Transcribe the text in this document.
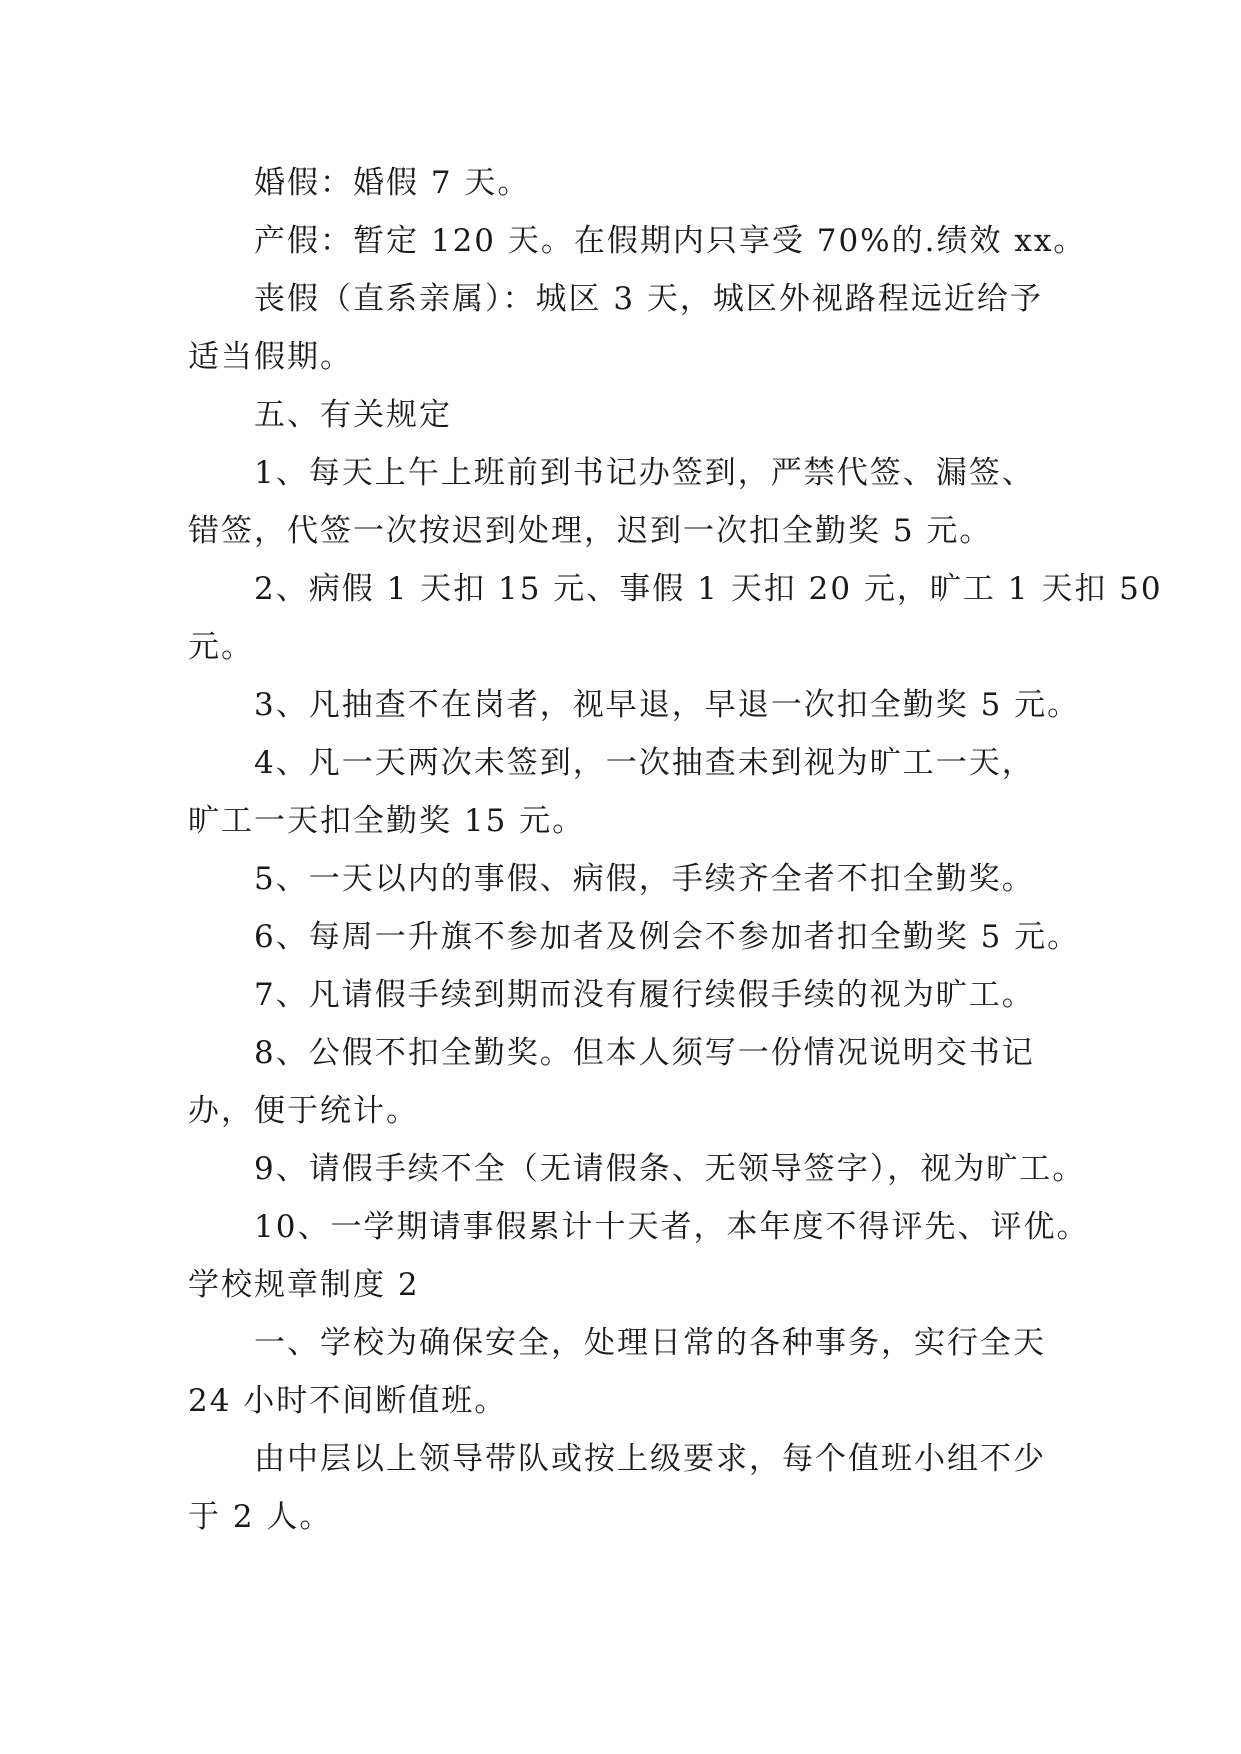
婚假：婚假 7 天。
产假：暂定 120 天。在假期内只享受 70%的.绩效 xx。
丧假（直系亲属）：城区 3 天，城区外视路程远近给予
适当假期。
五、有关规定
1、每天上午上班前到书记办签到，严禁代签、漏签、
错签，代签一次按迟到处理，迟到一次扣全勤奖 5 元。
2、病假 1 天扣 15 元、事假 1 天扣 20 元，旷工 1 天扣 50
元。
3、凡抽查不在岗者，视早退，早退一次扣全勤奖 5 元。
4、凡一天两次未签到，一次抽查未到视为旷工一天，
旷工一天扣全勤奖 15 元。
5、一天以内的事假、病假，手续齐全者不扣全勤奖。
6、每周一升旗不参加者及例会不参加者扣全勤奖 5 元。
7、凡请假手续到期而没有履行续假手续的视为旷工。
8、公假不扣全勤奖。但本人须写一份情况说明交书记
办，便于统计。
9、请假手续不全（无请假条、无领导签字），视为旷工。
10、一学期请事假累计十天者，本年度不得评先、评优。
学校规章制度 2
一、学校为确保安全，处理日常的各种事务，实行全天
24 小时不间断值班。
由中层以上领导带队或按上级要求，每个值班小组不少
于 2 人。
